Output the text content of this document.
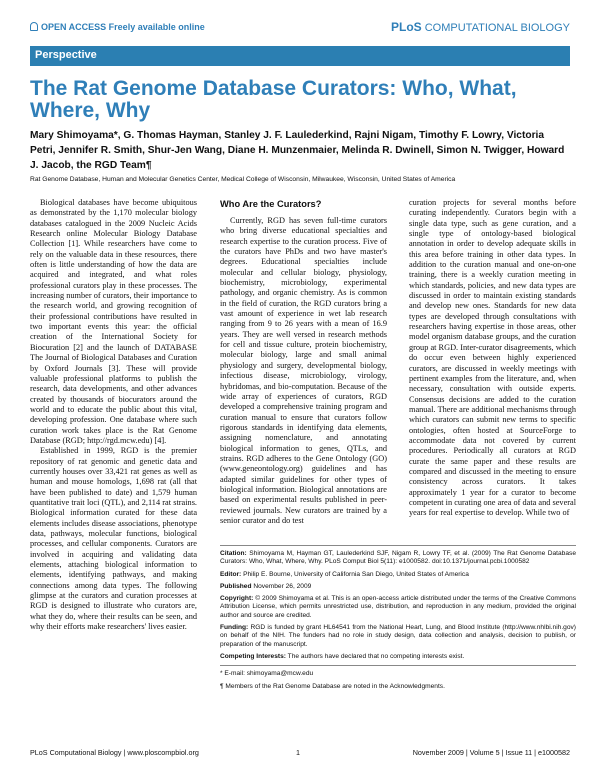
OPEN ACCESS Freely available online	PLoS COMPUTATIONAL BIOLOGY
Perspective
The Rat Genome Database Curators: Who, What, Where, Why

Mary Shimoyama*, G. Thomas Hayman, Stanley J. F. Laulederkind, Rajni Nigam, Timothy F. Lowry, Victoria Petri, Jennifer R. Smith, Shur-Jen Wang, Diane H. Munzenmaier, Melinda R. Dwinell, Simon N. Twigger, Howard J. Jacob, the RGD Team¶

Rat Genome Database, Human and Molecular Genetics Center, Medical College of Wisconsin, Milwaukee, Wisconsin, United States of America

Biological databases have become ubiquitous as demonstrated by the 1,170 molecular biology databases catalogued in the 2009 Nucleic Acids Research online Molecular Biology Database Collection [1]. While researchers have come to rely on the valuable data in these resources, there often is little understanding of how the data are acquired and integrated, and what roles professional curators play in these processes. The increasing number of curators, their importance to the research world, and growing recognition of their professional contributions have resulted in two important events this year: the official creation of the International Society for Biocuration [2] and the launch of DATABASE The Journal of Biological Databases and Curation by Oxford Journals [3]. These will provide valuable professional platforms to publish the research, data developments, and other advances created by thousands of biocurators around the world and to educate the public about this vital, developing profession. One database where such curation work takes place is the Rat Genome Database (RGD; http://rgd.mcw.edu) [4].

Established in 1999, RGD is the premier repository of rat genomic and genetic data and currently houses over 33,421 rat genes as well as human and mouse homologs, 1,698 rat (all that have been published to date) and 1,579 human quantitative trait loci (QTL), and 2,114 rat strains. Biological information curated for these data elements includes disease associations, phenotype data, pathways, molecular functions, biological processes, and cellular components. Curators are involved in acquiring and validating data elements, attaching biological information to elements, identifying pathways, and making connections among data types. The following glimpse at the curators and curation processes at RGD is designed to illustrate who curators are, what they do, where their results can be seen, and why their efforts make researchers' lives easier.

Who Are the Curators?

Currently, RGD has seven full-time curators who bring diverse educational specialties and research expertise to the curation process. Five of the curators have PhDs and two have master's degrees. Educational specialties include molecular and cellular biology, physiology, biochemistry, microbiology, experimental pathology, and organic chemistry. As is common in the field of curation, the RGD curators bring a vast amount of experience in wet lab research ranging from 9 to 26 years with a mean of 16.9 years. They are well versed in research methods for cell and tissue culture, protein biochemistry, molecular biology, large and small animal physiology and surgery, developmental biology, infectious disease, microbiology, virology, hybridomas, and bio-computation. Because of the wide array of experiences of curators, RGD developed a comprehensive training program and curation manual to ensure that curators follow rigorous standards in identifying data elements, assigning nomenclature, and annotating biological information to genes, QTLs, and strains. RGD adheres to the Gene Ontology (GO) (www.geneontology.org) guidelines and has adapted similar guidelines for other types of biological information. Biological annotations are based on experimental results published in peer-reviewed journals. New curators are trained by a senior curator and do test

curation projects for several months before curating independently. Curators begin with a single data type, such as gene curation, and a single type of ontology-based biological annotation in order to develop adequate skills in this area before training in other data types. In addition to the curation manual and one-on-one training, there is a weekly curation meeting in which standards, policies, and new data types are discussed in order to maintain existing standards and develop new ones. Standards for new data types are developed through consultations with researchers having expertise in those areas, other model organism database groups, and the curation group at RGD. Inter-curator disagreements, which do occur even between highly experienced curators, are discussed in weekly meetings with pertinent examples from the literature, and, when necessary, consultation with outside experts. Consensus decisions are added to the curation manual. There are additional mechanisms through which curators can submit new terms to specific ontologies, often hosted at SourceForge to accommodate data not covered by current procedures. Periodically all curators at RGD curate the same paper and these results are compared and discussed in the meeting to ensure consistency across curators. It takes approximately 1 year for a curator to become competent in curating one area of data and several years for real expertise to develop. While two of

Citation: Shimoyama M, Hayman GT, Laulederkind SJF, Nigam R, Lowry TF, et al. (2009) The Rat Genome Database Curators: Who, What, Where, Why. PLoS Comput Biol 5(11): e1000582. doi:10.1371/journal.pcbi.1000582

Editor: Philip E. Bourne, University of California San Diego, United States of America

Published November 26, 2009

Copyright: © 2009 Shimoyama et al. This is an open-access article distributed under the terms of the Creative Commons Attribution License, which permits unrestricted use, distribution, and reproduction in any medium, provided the original author and source are credited.

Funding: RGD is funded by grant HL64541 from the National Heart, Lung, and Blood Institute (http://www.nhlbi.nih.gov) on behalf of the NIH. The funders had no role in study design, data collection and analysis, decision to publish, or preparation of the manuscript.

Competing Interests: The authors have declared that no competing interests exist.

* E-mail: shimoyama@mcw.edu

¶ Members of the Rat Genome Database are noted in the Acknowledgments.

PLoS Computational Biology | www.ploscompbiol.org	1	November 2009 | Volume 5 | Issue 11 | e1000582
